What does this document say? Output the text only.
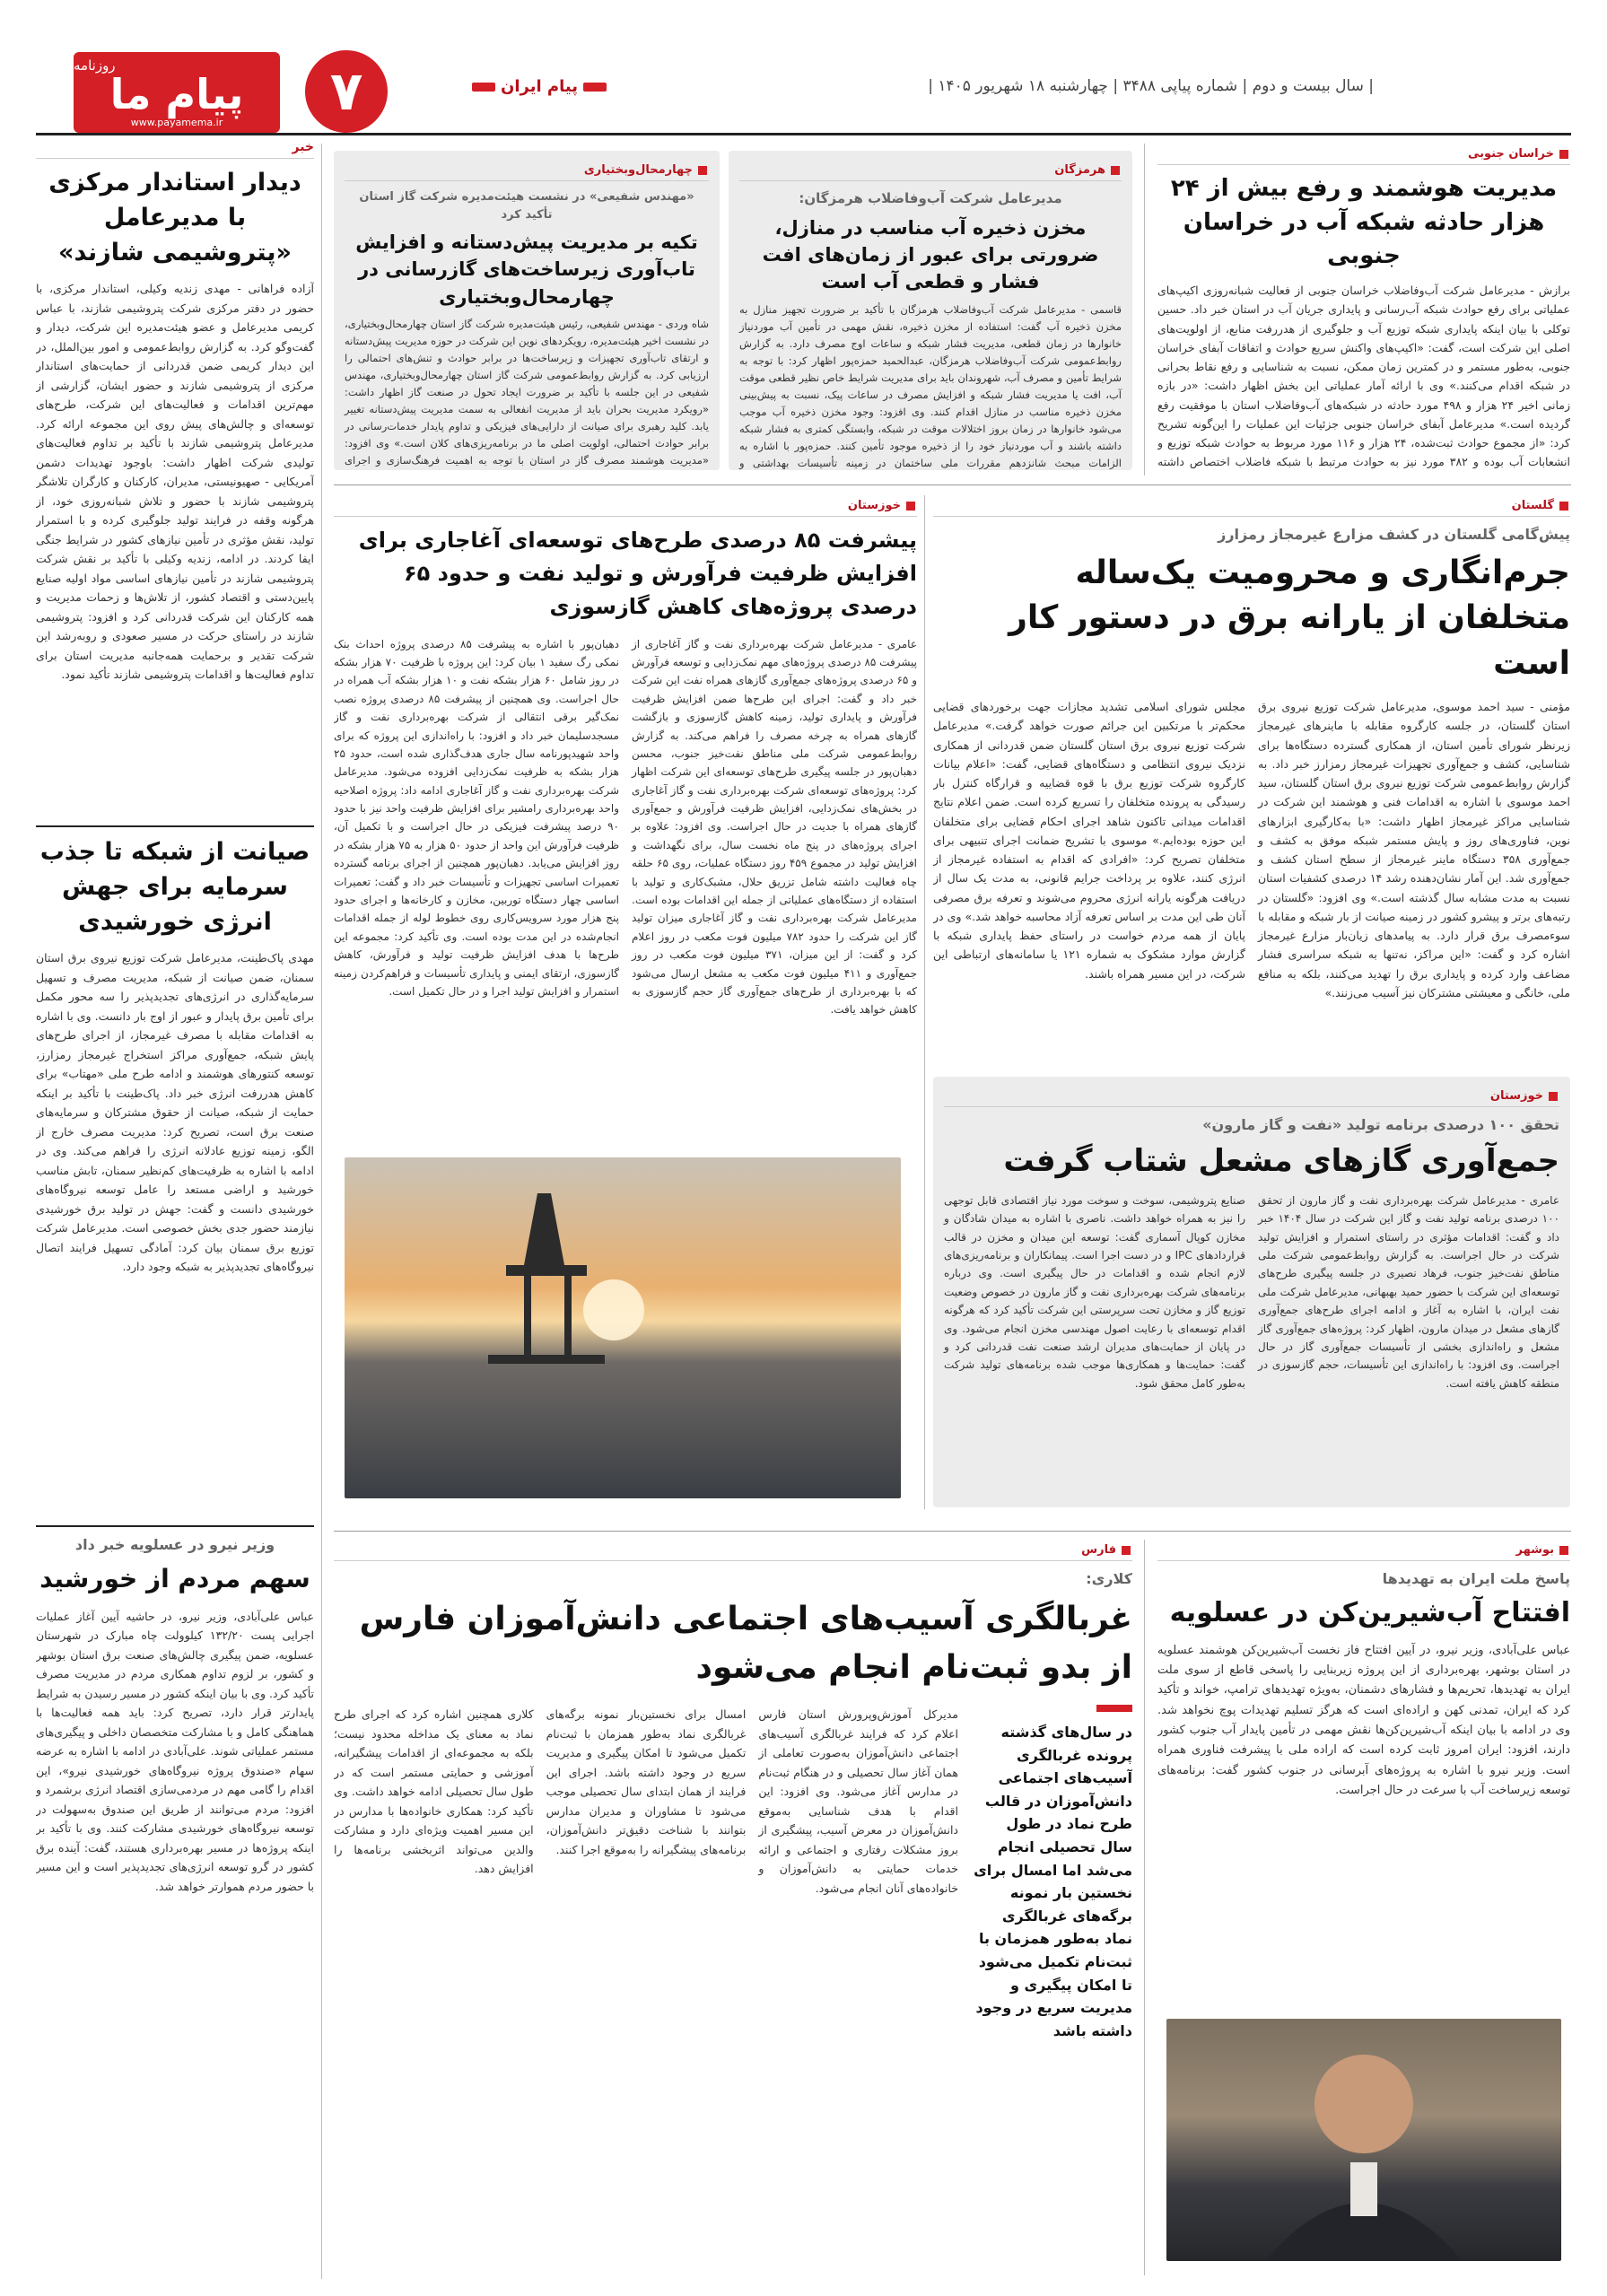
روزنامه
پیام ما
www.payamema.ir	۷	| سال بیست و دوم | شماره پیاپی ۳۴۸۸ | چهارشنبه ۱۸ شهریور ۱۴۰۵ |
پیام ایران
خبر	خراسان جنوبی
مدیریت هوشمند و رفع بیش از ۲۴ هزار حادثه شبکه آب در خراسان جنوبی
برازش - مدیرعامل شرکت آب‌وفاضلاب خراسان جنوبی از فعالیت شبانه‌روزی اکیپ‌های عملیاتی برای رفع حوادث شبکه آب‌رسانی و پایداری جریان آب در استان خبر داد. حسین توکلی با بیان اینکه پایداری شبکه توزیع آب و جلوگیری از هدررفت منابع، از اولویت‌های اصلی این شرکت است، گفت: «اکیپ‌های واکنش سریع حوادث و اتفاقات آبفای خراسان جنوبی، به‌طور مستمر و در کمترین زمان ممکن، نسبت به شناسایی و رفع نقاط بحرانی در شبکه اقدام می‌کنند.» وی با ارائه آمار عملیاتی این بخش اظهار داشت: «در بازه زمانی اخیر ۲۴ هزار و ۴۹۸ مورد حادثه در شبکه‌های آب‌وفاضلاب استان با موفقیت رفع گردیده است.» مدیرعامل آبفای خراسان جنوبی جزئیات این عملیات را این‌گونه تشریح کرد: «از مجموع حوادث ثبت‌شده، ۲۴ هزار و ۱۱۶ مورد مربوط به حوادث شبکه توزیع و انشعابات آب بوده و ۳۸۲ مورد نیز به حوادث مرتبط با شبکه فاضلاب اختصاص داشته
هرمزگان
مدیرعامل شرکت آب‌وفاضلاب هرمزگان:
مخزن ذخیره آب مناسب در منازل، ضرورتی برای عبور از زمان‌های افت فشار و قطعی آب است
قاسمی - مدیرعامل شرکت آب‌وفاضلاب هرمزگان با تأکید بر ضرورت تجهیز منازل به مخزن ذخیره آب گفت: استفاده از مخزن ذخیره، نقش مهمی در تأمین آب موردنیاز خانوارها در زمان قطعی، مدیریت فشار شبکه و ساعات اوج مصرف دارد. به گزارش روابط‌عمومی شرکت آب‌وفاضلاب هرمزگان، عبدالحمید حمزه‌پور اظهار کرد: با توجه به شرایط تأمین و مصرف آب، شهروندان باید برای مدیریت شرایط خاص نظیر قطعی موقت آب، افت یا مدیریت فشار شبکه و افزایش مصرف در ساعات پیک، نسبت به پیش‌بینی مخزن ذخیره مناسب در منازل اقدام کنند. وی افزود: وجود مخزن ذخیره آب موجب می‌شود خانوارها در زمان بروز اختلالات موقت در شبکه، وابستگی کمتری به فشار شبکه داشته باشند و آب موردنیاز خود را از ذخیره موجود تأمین کنند. حمزه‌پور با اشاره به الزامات مبحث شانزدهم مقررات ملی ساختمان در زمینه تأسیسات بهداشتی و
چهارمحال‌وبختیاری
«مهندس شفیعی» در نشست هیئت‌مدیره شرکت گاز استان تأکید کرد
تکیه بر مدیریت پیش‌دستانه و افزایش تاب‌آوری زیرساخت‌های گازرسانی در چهارمحال‌وبختیاری
شاه وردی - مهندس شفیعی، رئیس هیئت‌مدیره شرکت گاز استان چهارمحال‌وبختیاری، در نشست اخیر هیئت‌مدیره، رویکردهای نوین این شرکت در حوزه مدیریت پیش‌دستانه و ارتقای تاب‌آوری تجهیزات و زیرساخت‌ها در برابر حوادث و تنش‌های احتمالی را ارزیابی کرد. به گزارش روابط‌عمومی شرکت گاز استان چهارمحال‌وبختیاری، مهندس شفیعی در این جلسه با تأکید بر ضرورت ایجاد تحول در صنعت گاز اظهار داشت: «رویکرد مدیریت بحران باید از مدیریت انفعالی به سمت مدیریت پیش‌دستانه تغییر یابد. کلید رهبری برای صیانت از دارایی‌های فیزیکی و تداوم پایدار خدمات‌رسانی در برابر حوادث احتمالی، اولویت اصلی ما در برنامه‌ریزی‌های کلان است.» وی افزود: «مدیریت هوشمند مصرف گاز در استان با توجه به اهمیت فرهنگ‌سازی و اجرای
گلستان
پیش‌گامی گلستان در کشف مزارع غیرمجاز رمزارز
جرم‌انگاری و محرومیت یک‌ساله متخلفان از یارانه برق در دستور کار است
مؤمنی - سید احمد موسوی، مدیرعامل شرکت توزیع نیروی برق استان گلستان، در جلسه کارگروه مقابله با ماینرهای غیرمجاز زیرنظر شورای تأمین استان، از همکاری گسترده دستگاه‌ها برای شناسایی، کشف و جمع‌آوری تجهیزات غیرمجاز رمزارز خبر داد. به گزارش روابط‌عمومی شرکت توزیع نیروی برق استان گلستان، سید احمد موسوی با اشاره به اقدامات فنی و هوشمند این شرکت در شناسایی مراکز غیرمجاز اظهار داشت: «با به‌کارگیری ابزارهای نوین، فناوری‌های روز و پایش مستمر شبکه موفق به کشف و جمع‌آوری ۳۵۸ دستگاه ماینر غیرمجاز از سطح استان کشف و جمع‌آوری شد. این آمار نشان‌دهنده رشد ۱۴ درصدی کشفیات استان نسبت به مدت مشابه سال گذشته است.» وی افزود: «گلستان در رتبه‌های برتر و پیشرو کشور در زمینه صیانت از بار شبکه و مقابله با سوءمصرف برق قرار دارد. به پیامدهای زیان‌بار مزارع غیرمجاز اشاره کرد و گفت: «این مراکز، نه‌تنها به شبکه سراسری فشار مضاعف وارد کرده و پایداری برق را تهدید می‌کنند، بلکه به منافع ملی، خانگی و معیشتی مشترکان نیز آسیب می‌زنند.»
مجلس شورای اسلامی تشدید مجازات جهت برخوردهای قضایی محکم‌تر با مرتکبین این جرائم صورت خواهد گرفت.» مدیرعامل شرکت توزیع نیروی برق استان گلستان ضمن قدردانی از همکاری نزدیک نیروی انتظامی و دستگاه‌های قضایی، گفت: «اعلام بیانات کارگروه شرکت توزیع برق با قوه قضاییه و قرارگاه کنترل بار رسیدگی به پرونده متخلفان را تسریع کرده است. ضمن اعلام نتایج اقدامات میدانی تاکنون شاهد اجرای احکام قضایی برای متخلفان این حوزه بوده‌ایم.» موسوی با تشریح ضمانت اجرای تنبیهی برای متخلفان تصریح کرد: «افرادی که اقدام به استفاده غیرمجاز از انرژی کنند، علاوه بر پرداخت جرایم قانونی، به مدت یک سال از دریافت هرگونه یارانه انرژی محروم می‌شوند و تعرفه برق مصرفی آنان طی این مدت بر اساس تعرفه آزاد محاسبه خواهد شد.» وی در پایان از همه مردم خواست در راستای حفظ پایداری شبکه با گزارش موارد مشکوک به شماره ۱۲۱ یا سامانه‌های ارتباطی این شرکت، در این مسیر همراه باشند.
خوزستان
پیشرفت ۸۵ درصدی طرح‌های توسعه‌ای آغاجاری برای افزایش ظرفیت فرآورش و تولید نفت و حدود ۶۵ درصدی پروژه‌های کاهش گازسوزی
عامری - مدیرعامل شرکت بهره‌برداری نفت و گاز آغاجاری از پیشرفت ۸۵ درصدی پروژه‌های مهم نمک‌زدایی و توسعه فرآورش و ۶۵ درصدی پروژه‌های جمع‌آوری گازهای همراه نفت این شرکت خبر داد و گفت: اجرای این طرح‌ها ضمن افزایش ظرفیت فرآورش و پایداری تولید، زمینه کاهش گازسوزی و بازگشت گازهای همراه به چرخه مصرف را فراهم می‌کند. به گزارش روابط‌عمومی شرکت ملی مناطق نفت‌خیز جنوب، محسن دهبان‌پور در جلسه پیگیری طرح‌های توسعه‌ای این شرکت اظهار کرد: پروژه‌های توسعه‌ای شرکت بهره‌برداری نفت و گاز آغاجاری در بخش‌های نمک‌زدایی، افزایش ظرفیت فرآورش و جمع‌آوری گازهای همراه با جدیت در حال اجراست. وی افزود: علاوه بر اجرای پروژه‌های در پنج ماه نخست سال، برای نگهداشت و افزایش تولید در مجموع ۴۵۹ روز دستگاه عملیات، روی ۶۵ حلقه چاه فعالیت داشته شامل تزریق حلال، مشبک‌کاری و تولید با استفاده از دستگاه‌های عملیاتی از جمله این اقدامات بوده است. مدیرعامل شرکت بهره‌برداری نفت و گاز آغاجاری میزان تولید گاز این شرکت را حدود ۷۸۲ میلیون فوت مکعب در روز اعلام کرد و گفت: از این میزان، ۳۷۱ میلیون فوت مکعب در روز جمع‌آوری و ۴۱۱ میلیون فوت مکعب به مشعل ارسال می‌شود که با بهره‌برداری از طرح‌های جمع‌آوری گاز حجم گازسوزی به کاهش خواهد یافت.
دهبان‌پور با اشاره به پیشرفت ۸۵ درصدی پروژه احداث بنک نمکی رگ سفید ۱ بیان کرد: این پروژه با ظرفیت ۷۰ هزار بشکه در روز شامل ۶۰ هزار بشکه نفت و ۱۰ هزار بشکه آب همراه در حال اجراست. وی همچنین از پیشرفت ۸۵ درصدی پروژه نصب نمک‌گیر برقی انتقالی از شرکت بهره‌برداری نفت و گاز مسجدسلیمان خبر داد و افزود: با راه‌اندازی این پروژه که برای واحد شهیدپورنامه سال جاری هدف‌گذاری شده است، حدود ۲۵ هزار بشکه به ظرفیت نمک‌زدایی افزوده می‌شود. مدیرعامل شرکت بهره‌برداری نفت و گاز آغاجاری ادامه داد: پروژه اصلاحیه واحد بهره‌برداری رامشیر برای افزایش ظرفیت واحد نیز با حدود ۹۰ درصد پیشرفت فیزیکی در حال اجراست و با تکمیل آن، ظرفیت فرآورش این واحد از حدود ۵۰ هزار به ۷۵ هزار بشکه در روز افزایش می‌یابد. دهبان‌پور همچنین از اجرای برنامه گسترده تعمیرات اساسی تجهیزات و تأسیسات خبر داد و گفت: تعمیرات اساسی چهار دستگاه توربین، مخازن و کارخانه‌ها و اجرای حدود پنج هزار مورد سرویس‌کاری روی خطوط لوله از جمله اقدامات انجام‌شده در این مدت بوده است. وی تأکید کرد: مجموعه این طرح‌ها با هدف افزایش ظرفیت تولید و فرآورش، کاهش گازسوزی، ارتقای ایمنی و پایداری تأسیسات و فراهم‌کردن زمینه استمرار و افزایش تولید اجرا و در حال تکمیل است.
خوزستان
تحقق ۱۰۰ درصدی برنامه تولید «نفت و گاز مارون»
جمع‌آوری گازهای مشعل شتاب گرفت
عامری - مدیرعامل شرکت بهره‌برداری نفت و گاز مارون از تحقق ۱۰۰ درصدی برنامه تولید نفت و گاز این شرکت در سال ۱۴۰۴ خبر داد و گفت: اقدامات مؤثری در راستای استمرار و افزایش تولید شرکت در حال اجراست. به گزارش روابط‌عمومی شرکت ملی مناطق نفت‌خیز جنوب، فرهاد نصیری در جلسه پیگیری طرح‌های توسعه‌ای این شرکت با حضور حمید بهبهانی، مدیرعامل شرکت ملی نفت ایران، با اشاره به آغاز و ادامه اجرای طرح‌های جمع‌آوری گازهای مشعل در میدان مارون، اظهار کرد: پروژه‌های جمع‌آوری گاز مشعل و راه‌اندازی بخشی از تأسیسات جمع‌آوری گاز در حال اجراست. وی افزود: با راه‌اندازی این تأسیسات، حجم گازسوزی در منطقه کاهش یافته است.
صنایع پتروشیمی، سوخت و سوخت مورد نیاز اقتصادی قابل توجهی را نیز به همراه خواهد داشت. ناصری با اشاره به میدان شادگان و مخازن کوپال آسماری گفت: توسعه این میدان و مخزن در قالب قراردادهای IPC و در دست اجرا است. پیمانکاران و برنامه‌ریزی‌های لازم انجام شده و اقدامات در حال پیگیری است. وی درباره برنامه‌های شرکت بهره‌برداری نفت و گاز مارون در خصوص وضعیت توزیع گاز و مخازن تحت سرپرستی این شرکت تأکید کرد که هرگونه اقدام توسعه‌ای با رعایت اصول مهندسی مخزن انجام می‌شود. وی در پایان از حمایت‌های مدیران ارشد صنعت نفت قدردانی کرد و گفت: حمایت‌ها و همکاری‌ها موجب شده برنامه‌های تولید شرکت به‌طور کامل محقق شود.
بوشهر
پاسخ ملت ایران به تهدیدها
افتتاح آب‌شیرین‌کن در عسلویه
عباس علی‌آبادی، وزیر نیرو، در آیین افتتاح فاز نخست آب‌شیرین‌کن هوشمند عسلویه در استان بوشهر، بهره‌برداری از این پروژه زیربنایی را پاسخی قاطع از سوی ملت ایران به تهدیدها، تحریم‌ها و فشارهای دشمنان، به‌ویژه تهدیدهای ترامپ، خواند و تأکید کرد که ایران، تمدنی کهن و اراده‌ای است که هرگز تسلیم تهدیدات پوچ نخواهد شد. وی در ادامه با بیان اینکه آب‌شیرین‌کن‌ها نقش مهمی در تأمین پایدار آب جنوب کشور دارند، افزود: ایران امروز ثابت کرده است که اراده ملی با پیشرفت فناوری همراه است. وزیر نیرو با اشاره به پروژه‌های آبرسانی در جنوب کشور گفت: برنامه‌های توسعه زیرساخت آب با سرعت در حال اجراست.
فارس
کلاری:
غربالگری آسیب‌های اجتماعی دانش‌آموزان فارس از بدو ثبت‌نام انجام می‌شود
در سال‌های گذشته پرونده غربالگری آسیب‌های اجتماعی دانش‌آموزان در قالب طرح نماد در طول سال تحصیلی انجام می‌شد اما امسال برای نخستین بار نمونه برگه‌های غربالگری نماد به‌طور همزمان با ثبت‌نام تکمیل می‌شود تا امکان پیگیری و مدیریت سریع در وجود داشته باشد
مدیرکل آموزش‌وپرورش استان فارس اعلام کرد که فرایند غربالگری آسیب‌های اجتماعی دانش‌آموزان به‌صورت تعاملی از همان آغاز سال تحصیلی و در هنگام ثبت‌نام در مدارس آغاز می‌شود. وی افزود: این اقدام با هدف شناسایی به‌موقع دانش‌آموزان در معرض آسیب، پیشگیری از بروز مشکلات رفتاری و اجتماعی و ارائه خدمات حمایتی به دانش‌آموزان و خانواده‌های آنان انجام می‌شود.
امسال برای نخستین‌بار نمونه برگه‌های غربالگری نماد به‌طور همزمان با ثبت‌نام تکمیل می‌شود تا امکان پیگیری و مدیریت سریع در وجود داشته باشد. اجرای این فرایند از همان ابتدای سال تحصیلی موجب می‌شود تا مشاوران و مدیران مدارس بتوانند با شناخت دقیق‌تر دانش‌آموزان، برنامه‌های پیشگیرانه را به‌موقع اجرا کنند.
کلاری همچنین اشاره کرد که اجرای طرح نماد به معنای یک مداخله محدود نیست؛ بلکه به مجموعه‌ای از اقدامات پیشگیرانه، آموزشی و حمایتی مستمر است که در طول سال تحصیلی ادامه خواهد داشت. وی تأکید کرد: همکاری خانواده‌ها با مدارس در این مسیر اهمیت ویژه‌ای دارد و مشارکت والدین می‌تواند اثربخشی برنامه‌ها را افزایش دهد.
دیدار استاندار مرکزی با مدیرعامل «پتروشیمی شازند»
آزاده فراهانی - مهدی زندیه وکیلی، استاندار مرکزی، با حضور در دفتر مرکزی شرکت پتروشیمی شازند، با عباس کریمی مدیرعامل و عضو هیئت‌مدیره این شرکت، دیدار و گفت‌وگو کرد. به گزارش روابط‌عمومی و امور بین‌الملل، در این دیدار کریمی ضمن قدردانی از حمایت‌های استاندار مرکزی از پتروشیمی شازند و حضور ایشان، گزارشی از مهم‌ترین اقدامات و فعالیت‌های این شرکت، طرح‌های توسعه‌ای و چالش‌های پیش روی این مجموعه ارائه کرد. مدیرعامل پتروشیمی شازند با تأکید بر تداوم فعالیت‌های تولیدی شرکت اظهار داشت: باوجود تهدیدات دشمن آمریکایی - صهیونیستی، مدیران، کارکنان و کارگران تلاشگر پتروشیمی شازند با حضور و تلاش شبانه‌روزی خود، از هرگونه وقفه در فرایند تولید جلوگیری کرده و با استمرار تولید، نقش مؤثری در تأمین نیازهای کشور در شرایط جنگی ایفا کردند. در ادامه، زندیه وکیلی با تأکید بر نقش شرکت پتروشیمی شازند در تأمین نیازهای اساسی مواد اولیه صنایع پایین‌دستی و اقتصاد کشور، از تلاش‌ها و زحمات مدیریت و همه کارکنان این شرکت قدردانی کرد و افزود: پتروشیمی شازند در راستای حرکت در مسیر صعودی و روبه‌رشد این شرکت تقدیر و برحمایت همه‌جانبه مدیریت استان برای تداوم فعالیت‌ها و اقدامات پتروشیمی شازند تأکید نمود.
صیانت از شبکه تا جذب سرمایه برای جهش انرژی خورشیدی
مهدی پاک‌طینت، مدیرعامل شرکت توزیع نیروی برق استان سمنان، ضمن صیانت از شبکه، مدیریت مصرف و تسهیل سرمایه‌گذاری در انرژی‌های تجدیدپذیر را سه محور مکمل برای تأمین برق پایدار و عبور از اوج بار دانست. وی با اشاره به اقدامات مقابله با مصرف غیرمجاز، از اجرای طرح‌های پایش شبکه، جمع‌آوری مراکز استخراج غیرمجاز رمزارز، توسعه کنتورهای هوشمند و ادامه طرح ملی «مهتاب» برای کاهش هدررفت انرژی خبر داد. پاک‌طینت با تأکید بر اینکه حمایت از شبکه، صیانت از حقوق مشترکان و سرمایه‌های صنعت برق است، تصریح کرد: مدیریت مصرف خارج از الگو، زمینه توزیع عادلانه انرژی را فراهم می‌کند. وی در ادامه با اشاره به ظرفیت‌های کم‌نظیر سمنان، تابش مناسب خورشید و اراضی مستعد را عامل توسعه نیروگاه‌های خورشیدی دانست و گفت: جهش در تولید برق خورشیدی نیازمند حضور جدی بخش خصوصی است. مدیرعامل شرکت توزیع برق سمنان بیان کرد: آمادگی تسهیل فرایند اتصال نیروگاه‌های تجدیدپذیر به شبکه وجود دارد.
وزیر نیرو در عسلویه خبر داد
سهم مردم از خورشید
عباس علی‌آبادی، وزیر نیرو، در حاشیه آیین آغاز عملیات اجرایی پست ۱۳۲/۲۰ کیلوولت چاه مبارک در شهرستان عسلویه، ضمن پیگیری چالش‌های صنعت برق استان بوشهر و کشور، بر لزوم تداوم همکاری مردم در مدیریت مصرف تأکید کرد. وی با بیان اینکه کشور در مسیر رسیدن به شرایط پایدارتر قرار دارد، تصریح کرد: باید همه فعالیت‌ها با هماهنگی کامل و با مشارکت متخصصان داخلی و پیگیری‌های مستمر عملیاتی شوند. علی‌آبادی در ادامه با اشاره به عرضه سهام «صندوق پروژه نیروگاه‌های خورشیدی نیرو»، این اقدام را گامی مهم در مردمی‌سازی اقتصاد انرژی برشمرد و افزود: مردم می‌توانند از طریق این صندوق به‌سهولت در توسعه نیروگاه‌های خورشیدی مشارکت کنند. وی با تأکید بر اینکه پروژه‌ها در مسیر بهره‌برداری هستند، گفت: آینده برق کشور در گرو توسعه انرژی‌های تجدیدپذیر است و این مسیر با حضور مردم هموارتر خواهد شد.
